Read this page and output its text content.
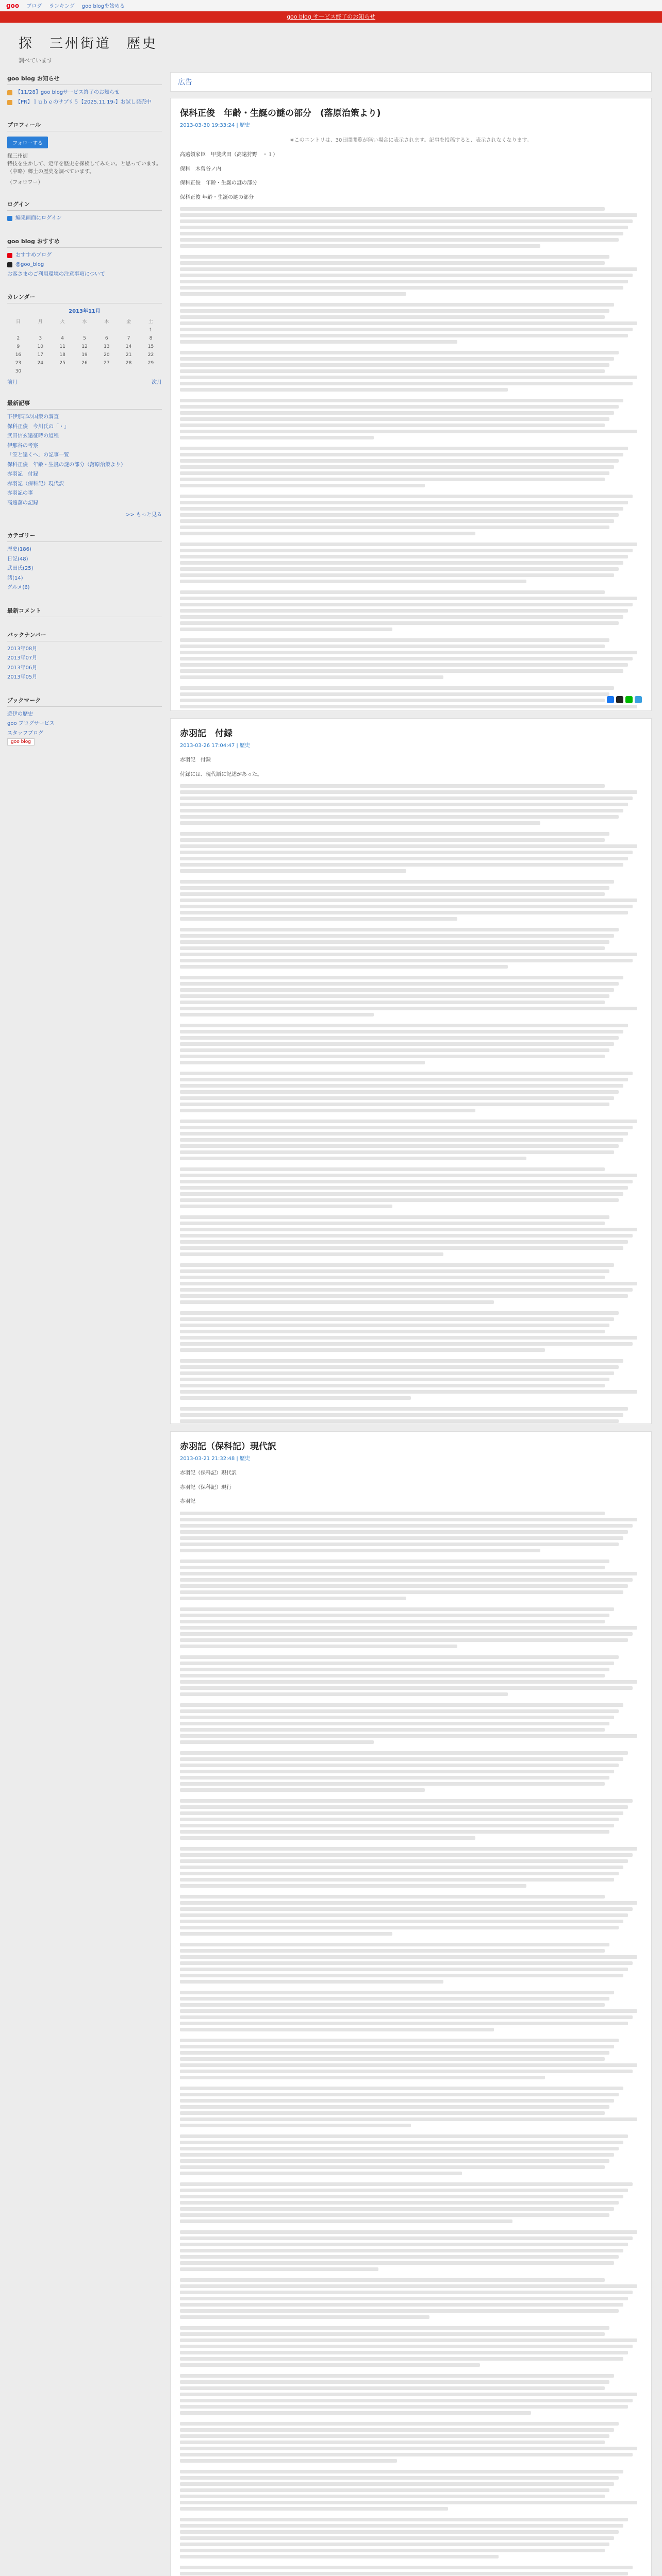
goo ブログ ランキング goo blogを始める
goo blog サービス終了のお知らせ
探　三州街道　歴史
調べています
goo blog お知らせ
【11/28】goo blogサービス終了のお知らせ
【PR】ｌｕｂｅのサプリ５【2025.11.19-】お試し発売中
プロフィール
フォローする
探三州街
特技を生かして、定年を歴史を探検してみたい。と思っています。（中略）郷土の歴史を調べています。
（フォロワー）
ログイン
編集画面にログイン
goo blog おすすめ
おすすめブログ
@goo_blog
お客さまのご利用環境の注意事項について
カレンダー
2013年11月
日	月	火	水	木	金	土
						1
2	3	4	5	6	7	8
9	10	11	12	13	14	15
16	17	18	19	20	21	22
23	24	25	26	27	28	29
30						
前月	次月
最新記事
下伊那郡の国衆の調査
保科正俊　今川氏の「・」
武田信玄遠征時の道程
伊那谷の考察
「笠と遠くへ」の記事一覧
保科正俊　年齢・生誕の謎の部分（落原治策より）
赤羽記　付録
赤羽記（保科記）現代訳
赤羽記の事
高遠藩の記録
>> もっと見る
カテゴリー
歴史(186)
日記(48)
武田氏(25)
諸(14)
グルメ(6)
最新コメント
バックナンバー
2013年08月
2013年07月
2013年06月
2013年05月
ブックマーク
遊伊の歴史
goo ブログサービス
スタッフブログ
goo blog
広告
保科正俊　年齢・生誕の謎の部分　(落原治策より)
2013-03-30 19:33:24 | 歴史
※このエントリは、30日間閲覧が無い場合に表示されます。記事を投稿すると、表示されなくなります。

高遠領家臣　甲斐武田（高遠狩野　・１）

保科　木曽谷ノ内

保科正俊　年齢・生誕の謎の部分

保科正俊 年齢・生誕の謎の部分

赤羽記　付録
2013-03-26 17:04:47 | 歴史

赤羽記　付録

付録には、現代語に記述があった。

赤羽記（保科記）現代訳
2013-03-21 21:32:48 | 歴史

赤羽記（保科記）現代訳

赤羽記（保科記）現行

赤羽記
